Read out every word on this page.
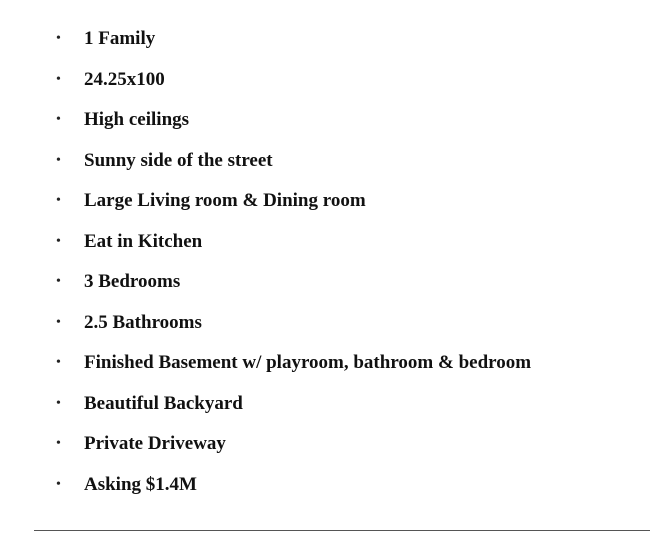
• 1 Family
• 24.25x100
• High ceilings
• Sunny side of the street
• Large Living room & Dining room
• Eat in Kitchen
• 3 Bedrooms
• 2.5 Bathrooms
• Finished Basement w/ playroom, bathroom & bedroom
• Beautiful Backyard
• Private Driveway
• Asking $1.4M
